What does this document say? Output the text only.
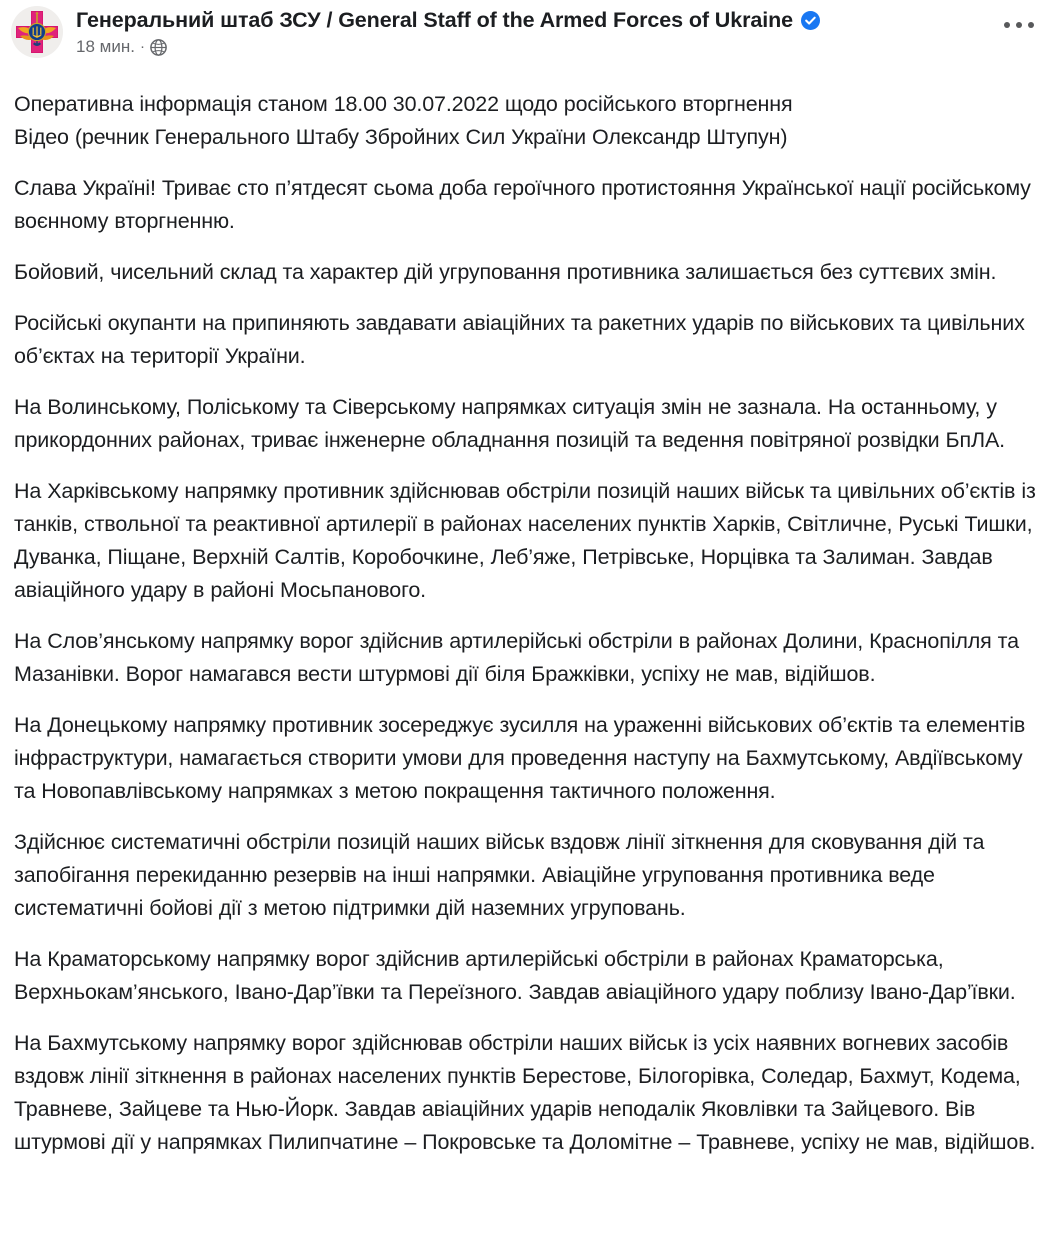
Генеральний штаб ЗСУ / General Staff of the Armed Forces of Ukraine
18 мин. ·

Оперативна інформація станом 18.00 30.07.2022 щодо російського вторгнення
Відео (речник Генерального Штабу Збройних Сил України Олександр Штупун)

Слава Україні! Триває сто п’ятдесят сьома доба героїчного протистояння Української нації російському воєнному вторгненню.

Бойовий, чисельний склад та характер дій угруповання противника залишається без суттєвих змін.

Російські окупанти на припиняють завдавати авіаційних та ракетних ударів по військових та цивільних об’єктах на території України.

На Волинському, Поліському та Сіверському напрямках ситуація змін не зазнала. На останньому, у прикордонних районах, триває інженерне обладнання позицій та ведення повітряної розвідки БпЛА.

На Харківському напрямку противник здійснював обстріли позицій наших військ та цивільних об’єктів із танків, ствольної та реактивної артилерії в районах населених пунктів Харків, Світличне, Руські Тишки, Дуванка, Піщане, Верхній Салтів, Коробочкине, Леб’яже, Петрівське, Норцівка та Залиман. Завдав авіаційного удару в районі Мосьпанового.

На Слов’янському напрямку ворог здійснив артилерійські обстріли в районах Долини, Краснопілля та Мазанівки. Ворог намагався вести штурмові дії біля Бражківки, успіху не мав, відійшов.

На Донецькому напрямку противник зосереджує зусилля на ураженні військових об’єктів та елементів інфраструктури, намагається створити умови для проведення наступу на Бахмутському, Авдіївському та Новопавлівському напрямках з метою покращення тактичного положення.

Здійснює систематичні обстріли позицій наших військ вздовж лінії зіткнення для сковування дій та запобігання перекиданню резервів на інші напрямки. Авіаційне угруповання противника веде систематичні бойові дії з метою підтримки дій наземних угруповань.

На Краматорському напрямку ворог здійснив артилерійські обстріли в районах Краматорська, Верхньокам’янського, Івано-Дар’ївки та Переїзного. Завдав авіаційного удару поблизу Івано-Дар’ївки.

На Бахмутському напрямку ворог здійснював обстріли наших військ із усіх наявних вогневих засобів вздовж лінії зіткнення в районах населених пунктів Берестове, Білогорівка, Соледар, Бахмут, Кодема, Травневе, Зайцеве та Нью-Йорк. Завдав авіаційних ударів неподалік Яковлівки та Зайцевого. Вів штурмові дії у напрямках Пилипчатине – Покровське та Доломітне – Травневе, успіху не мав, відійшов.
